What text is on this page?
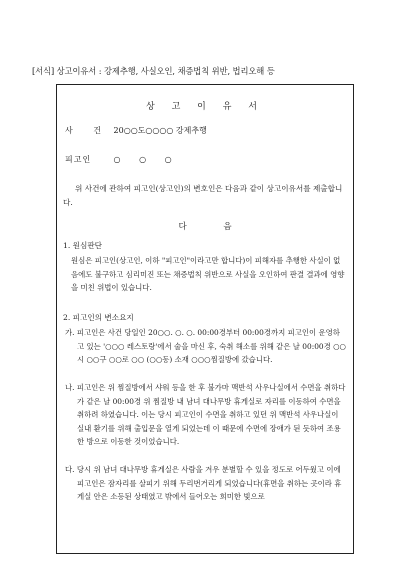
[서식] 상고이유서 : 강제추행, 사실오인, 채증법칙 위반, 법리오해 등
상 고 이 유 서
사 건 20○○도○○○○ 강제추행
피고인	○ ○ ○
위 사건에 관하여 피고인(상고인)의 변호인은 다음과 같이 상고이유서를 제출합니다.
다 음
1. 원심판단
원심은 피고인(상고인, 이하 "피고인"이라고만 합니다)이 피해자를 추행한 사실이 없음에도 불구하고 심리미진 또는 채증법칙 위반으로 사실을 오인하여 판결 결과에 영향을 미친 위법이 있습니다.
2. 피고인의 변소요지
가. 피고인은 사건 당일인 20○○. ○. ○. 00:00경부터 00:00경까지 피고인이 운영하고 있는 '○○○ 레스토랑'에서 술을 마신 후, 숙취 해소를 위해 같은 날 00:00경 ○○시 ○○구 ○○로 ○○ (○○동) 소재 ○○○찜질방에 갔습니다.
나. 피고인은 위 찜질방에서 샤워 등을 한 후 불가마 맥반석 사우나실에서 수면을 취하다가 같은 날 00:00경 위 찜질방 내 남녀 대나무방 휴게실로 자리를 이동하여 수면을 취하려 하였습니다. 이는 당시 피고인이 수면을 취하고 있던 위 맥반석 사우나실이 실내 환기를 위해 출입문을 열게 되었는데 이 때문에 수면에 장애가 된 듯하여 조용한 방으로 이동한 것이었습니다.
다. 당시 위 남녀 대나무방 휴게실은 사람을 겨우 분별할 수 있을 정도로 어두웠고 이에 피고인은 잠자리를 살피기 위해 두리번거리게 되었습니다(휴면을 취하는 곳이라 휴게실 안은 소등된 상태였고 밖에서 들어오는 희미한 빛으로
